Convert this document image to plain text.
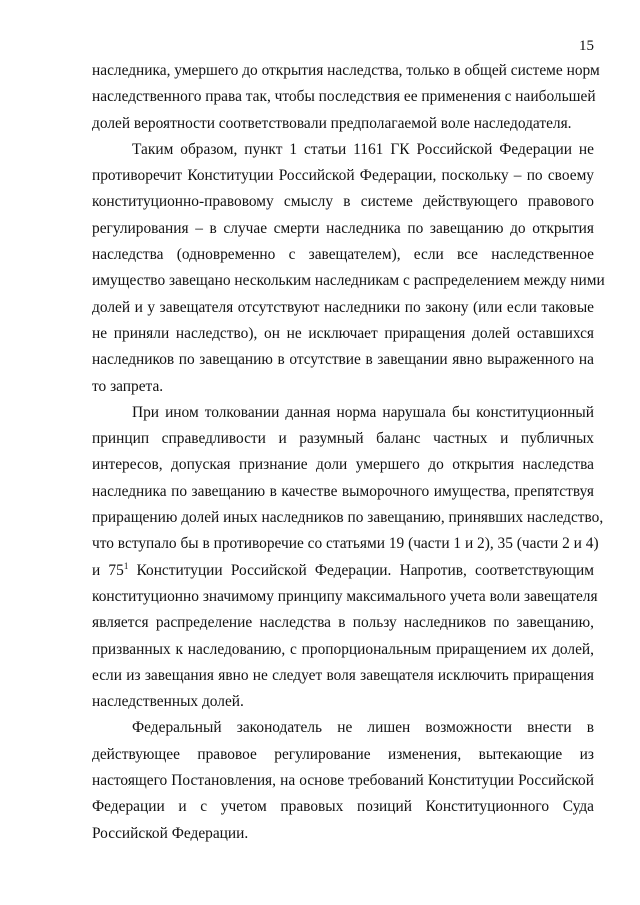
15

наследника, умершего до открытия наследства, только в общей системе норм
наследственного права так, чтобы последствия ее применения с наибольшей
долей вероятности соответствовали предполагаемой воле наследодателя.

Таким образом, пункт 1 статьи 1161 ГК Российской Федерации не
противоречит Конституции Российской Федерации, поскольку – по своему
конституционно-правовому смыслу в системе действующего правового
регулирования – в случае смерти наследника по завещанию до открытия
наследства (одновременно с завещателем), если все наследственное
имущество завещано нескольким наследникам с распределением между ними
долей и у завещателя отсутствуют наследники по закону (или если таковые
не приняли наследство), он не исключает приращения долей оставшихся
наследников по завещанию в отсутствие в завещании явно выраженного на
то запрета.

При ином толковании данная норма нарушала бы конституционный
принцип справедливости и разумный баланс частных и публичных
интересов, допуская признание доли умершего до открытия наследства
наследника по завещанию в качестве выморочного имущества, препятствуя
приращению долей иных наследников по завещанию, принявших наследство,
что вступало бы в противоречие со статьями 19 (части 1 и 2), 35 (части 2 и 4)
и $75^1$ Конституции Российской Федерации. Напротив, соответствующим
конституционно значимому принципу максимального учета воли завещателя
является распределение наследства в пользу наследников по завещанию,
призванных к наследованию, с пропорциональным приращением их долей,
если из завещания явно не следует воля завещателя исключить приращения
наследственных долей.

Федеральный законодатель не лишен возможности внести в
действующее правовое регулирование изменения, вытекающие из
настоящего Постановления, на основе требований Конституции Российской
Федерации и с учетом правовых позиций Конституционного Суда
Российской Федерации.
